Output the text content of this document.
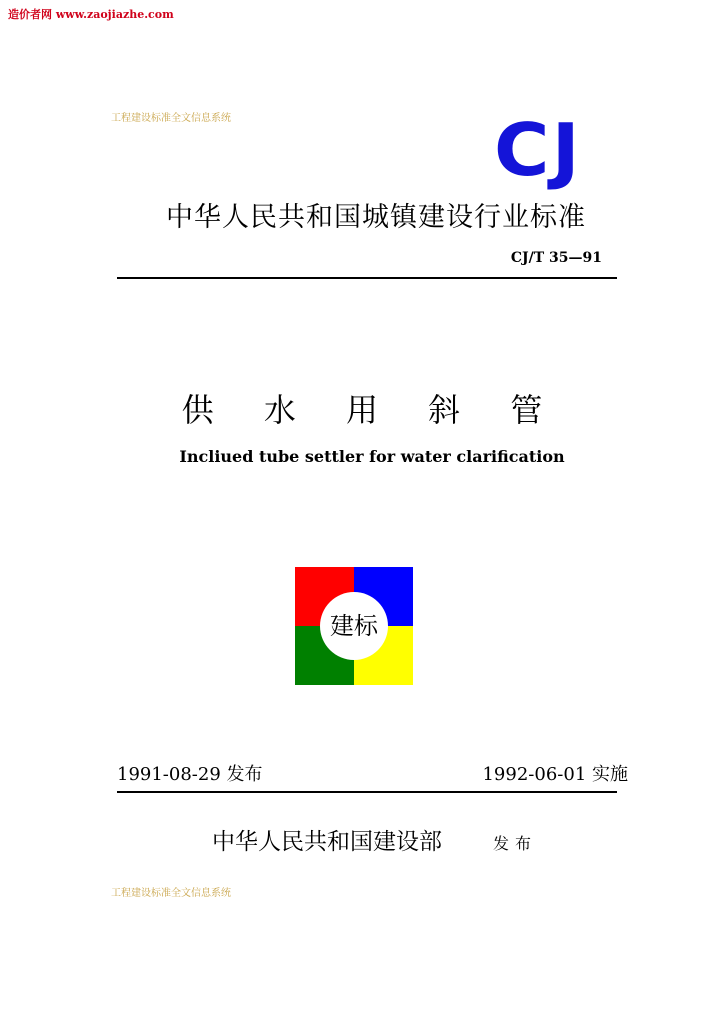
造价者网 www.zaojiazhe.com
工程建设标准全文信息系统	CJ
中华人民共和国城镇建设行业标准
CJ/T 35—91
供 水 用 斜 管
Incliued tube settler for water clarification
建标
1991-08-29 发布	1992-06-01 实施
中华人民共和国建设部	发布
工程建设标准全文信息系统
